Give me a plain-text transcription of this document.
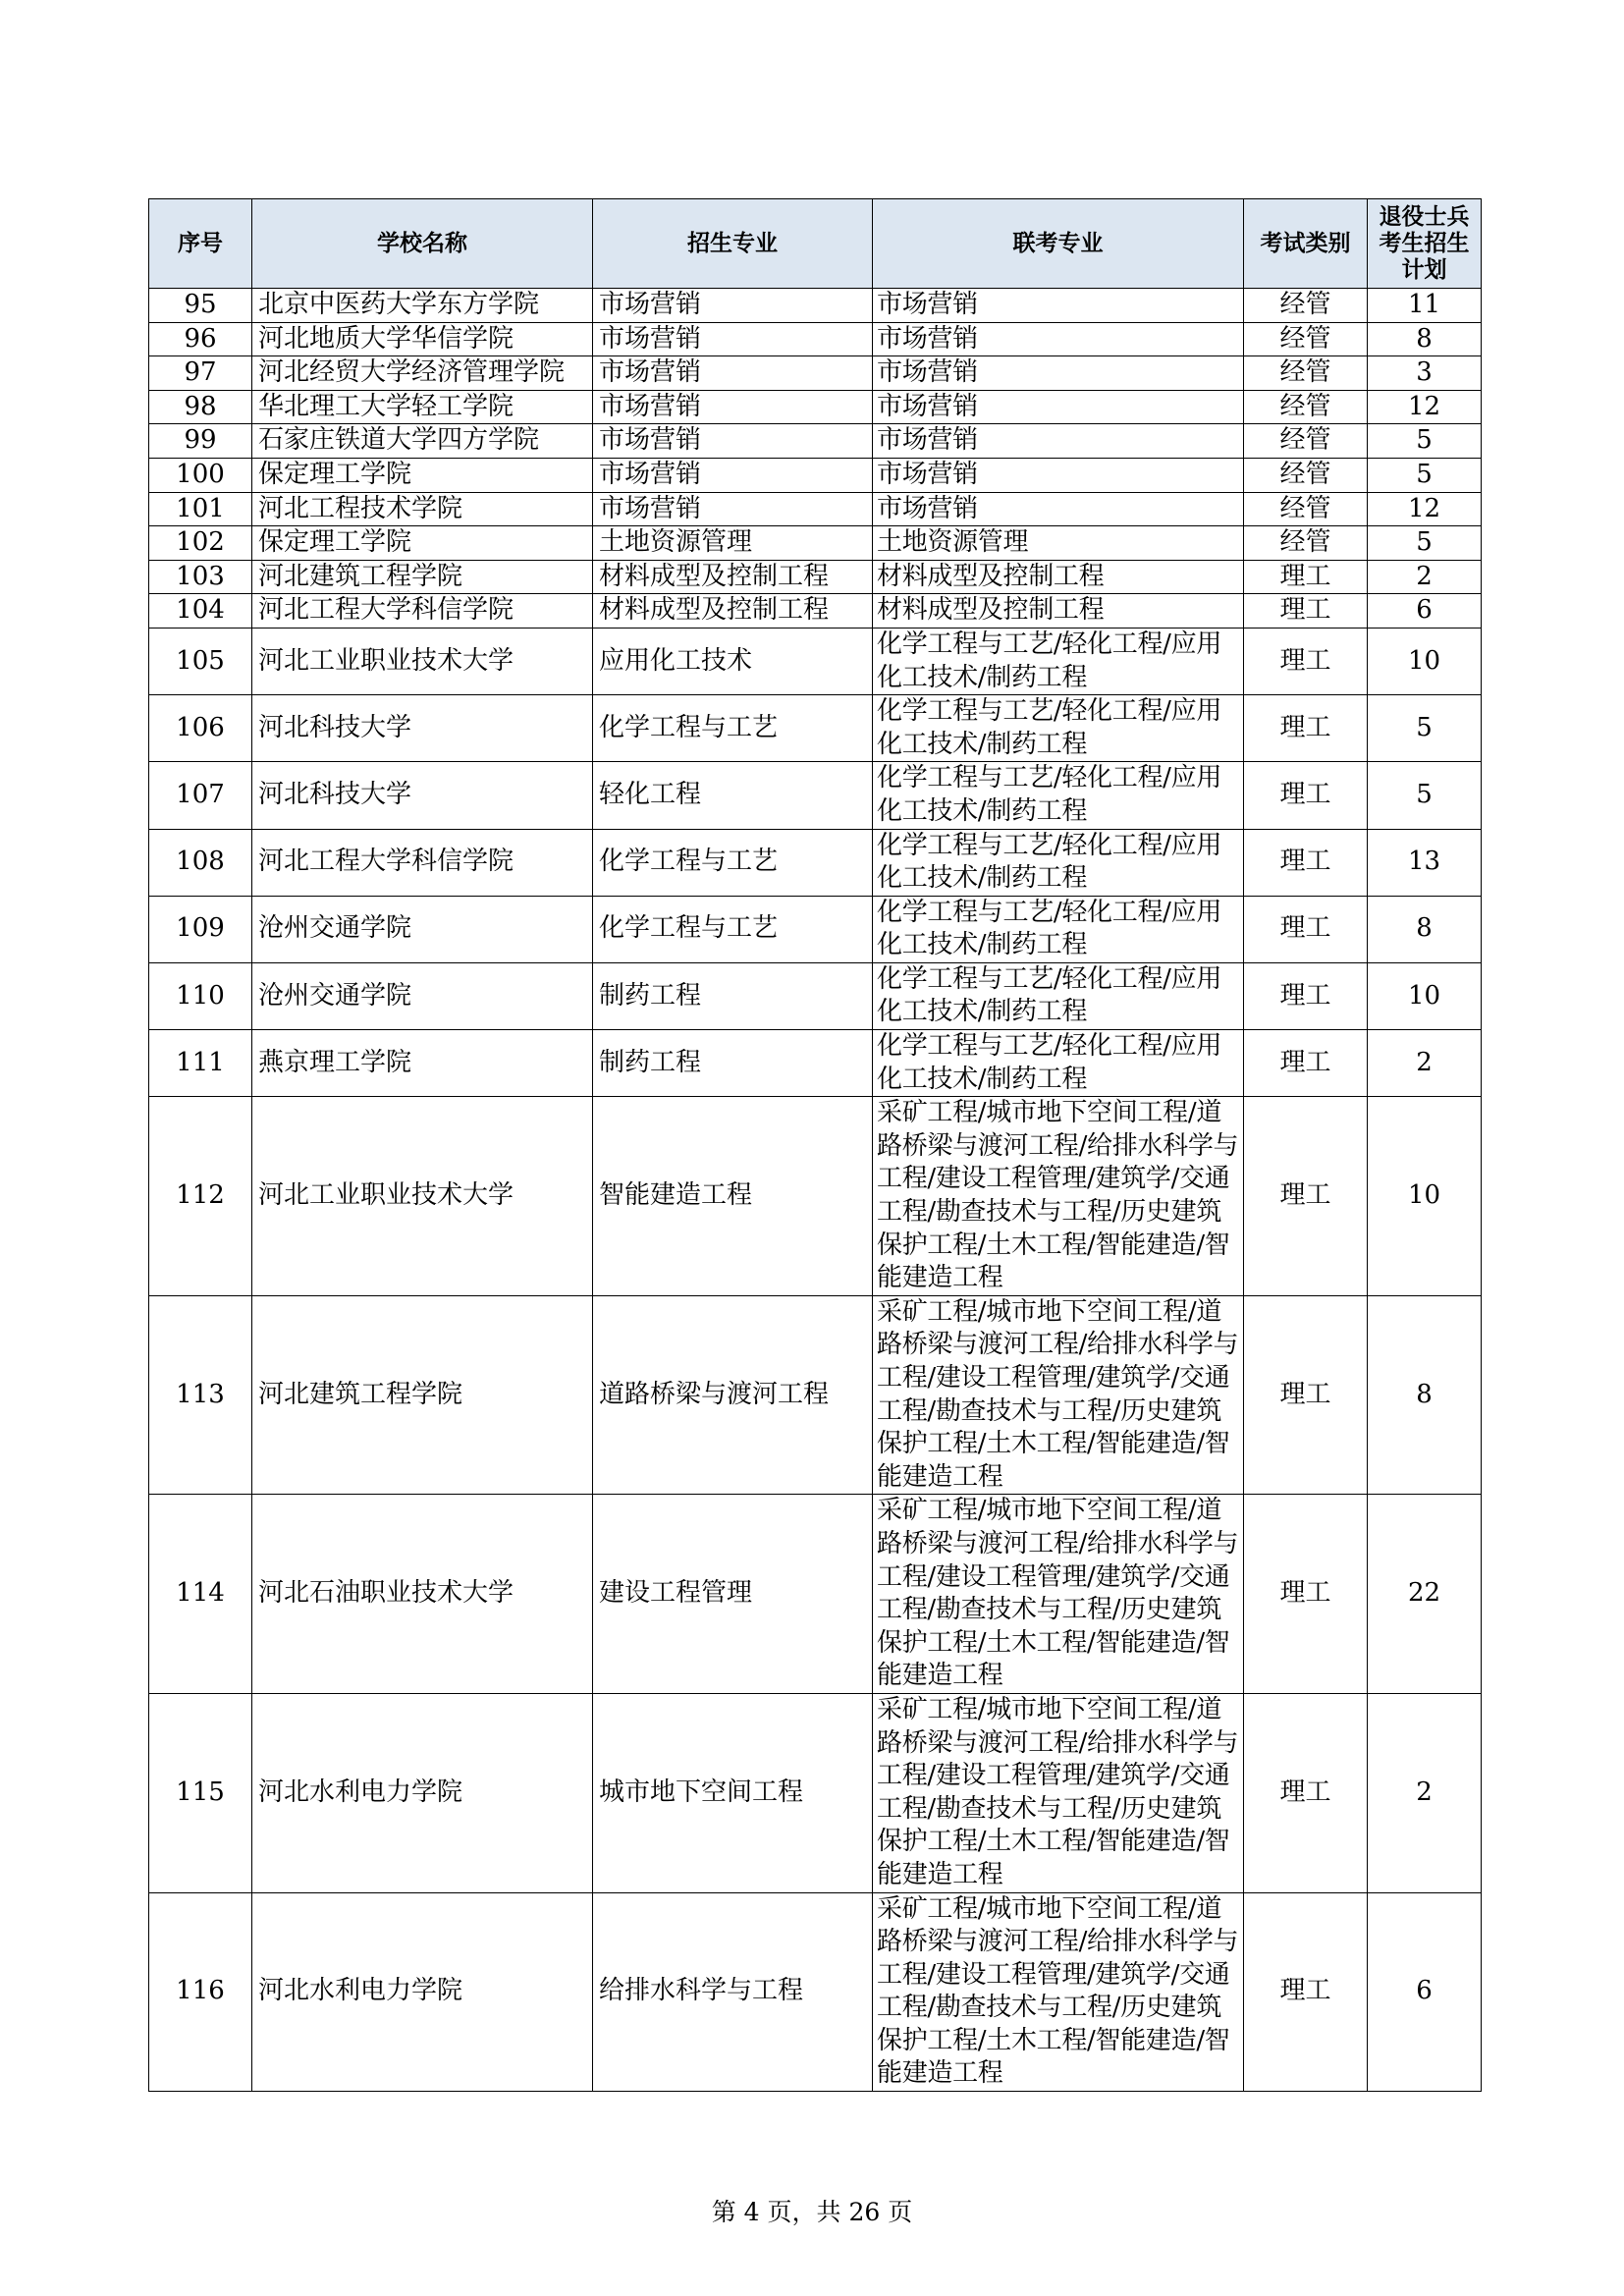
序号	学校名称	招生专业	联考专业	考试类别	退役士兵
考生招生
计划

95	北京中医药大学东方学院	市场营销	市场营销	经管	11
96	河北地质大学华信学院	市场营销	市场营销	经管	8
97	河北经贸大学经济管理学院	市场营销	市场营销	经管	3
98	华北理工大学轻工学院	市场营销	市场营销	经管	12
99	石家庄铁道大学四方学院	市场营销	市场营销	经管	5
100	保定理工学院	市场营销	市场营销	经管	5
101	河北工程技术学院	市场营销	市场营销	经管	12
102	保定理工学院	土地资源管理	土地资源管理	经管	5
103	河北建筑工程学院	材料成型及控制工程	材料成型及控制工程	理工	2
104	河北工程大学科信学院	材料成型及控制工程	材料成型及控制工程	理工	6
105	河北工业职业技术大学	应用化工技术	化学工程与工艺/轻化工程/应用化工技术/制药工程	理工	10
106	河北科技大学	化学工程与工艺	化学工程与工艺/轻化工程/应用化工技术/制药工程	理工	5
107	河北科技大学	轻化工程	化学工程与工艺/轻化工程/应用化工技术/制药工程	理工	5
108	河北工程大学科信学院	化学工程与工艺	化学工程与工艺/轻化工程/应用化工技术/制药工程	理工	13
109	沧州交通学院	化学工程与工艺	化学工程与工艺/轻化工程/应用化工技术/制药工程	理工	8
110	沧州交通学院	制药工程	化学工程与工艺/轻化工程/应用化工技术/制药工程	理工	10
111	燕京理工学院	制药工程	化学工程与工艺/轻化工程/应用化工技术/制药工程	理工	2
112	河北工业职业技术大学	智能建造工程	采矿工程/城市地下空间工程/道路桥梁与渡河工程/给排水科学与工程/建设工程管理/建筑学/交通工程/勘查技术与工程/历史建筑保护工程/土木工程/智能建造/智能建造工程	理工	10
113	河北建筑工程学院	道路桥梁与渡河工程	采矿工程/城市地下空间工程/道路桥梁与渡河工程/给排水科学与工程/建设工程管理/建筑学/交通工程/勘查技术与工程/历史建筑保护工程/土木工程/智能建造/智能建造工程	理工	8
114	河北石油职业技术大学	建设工程管理	采矿工程/城市地下空间工程/道路桥梁与渡河工程/给排水科学与工程/建设工程管理/建筑学/交通工程/勘查技术与工程/历史建筑保护工程/土木工程/智能建造/智能建造工程	理工	22
115	河北水利电力学院	城市地下空间工程	采矿工程/城市地下空间工程/道路桥梁与渡河工程/给排水科学与工程/建设工程管理/建筑学/交通工程/勘查技术与工程/历史建筑保护工程/土木工程/智能建造/智能建造工程	理工	2
116	河北水利电力学院	给排水科学与工程	采矿工程/城市地下空间工程/道路桥梁与渡河工程/给排水科学与工程/建设工程管理/建筑学/交通工程/勘查技术与工程/历史建筑保护工程/土木工程/智能建造/智能建造工程	理工	6
第 4 页，共 26 页
